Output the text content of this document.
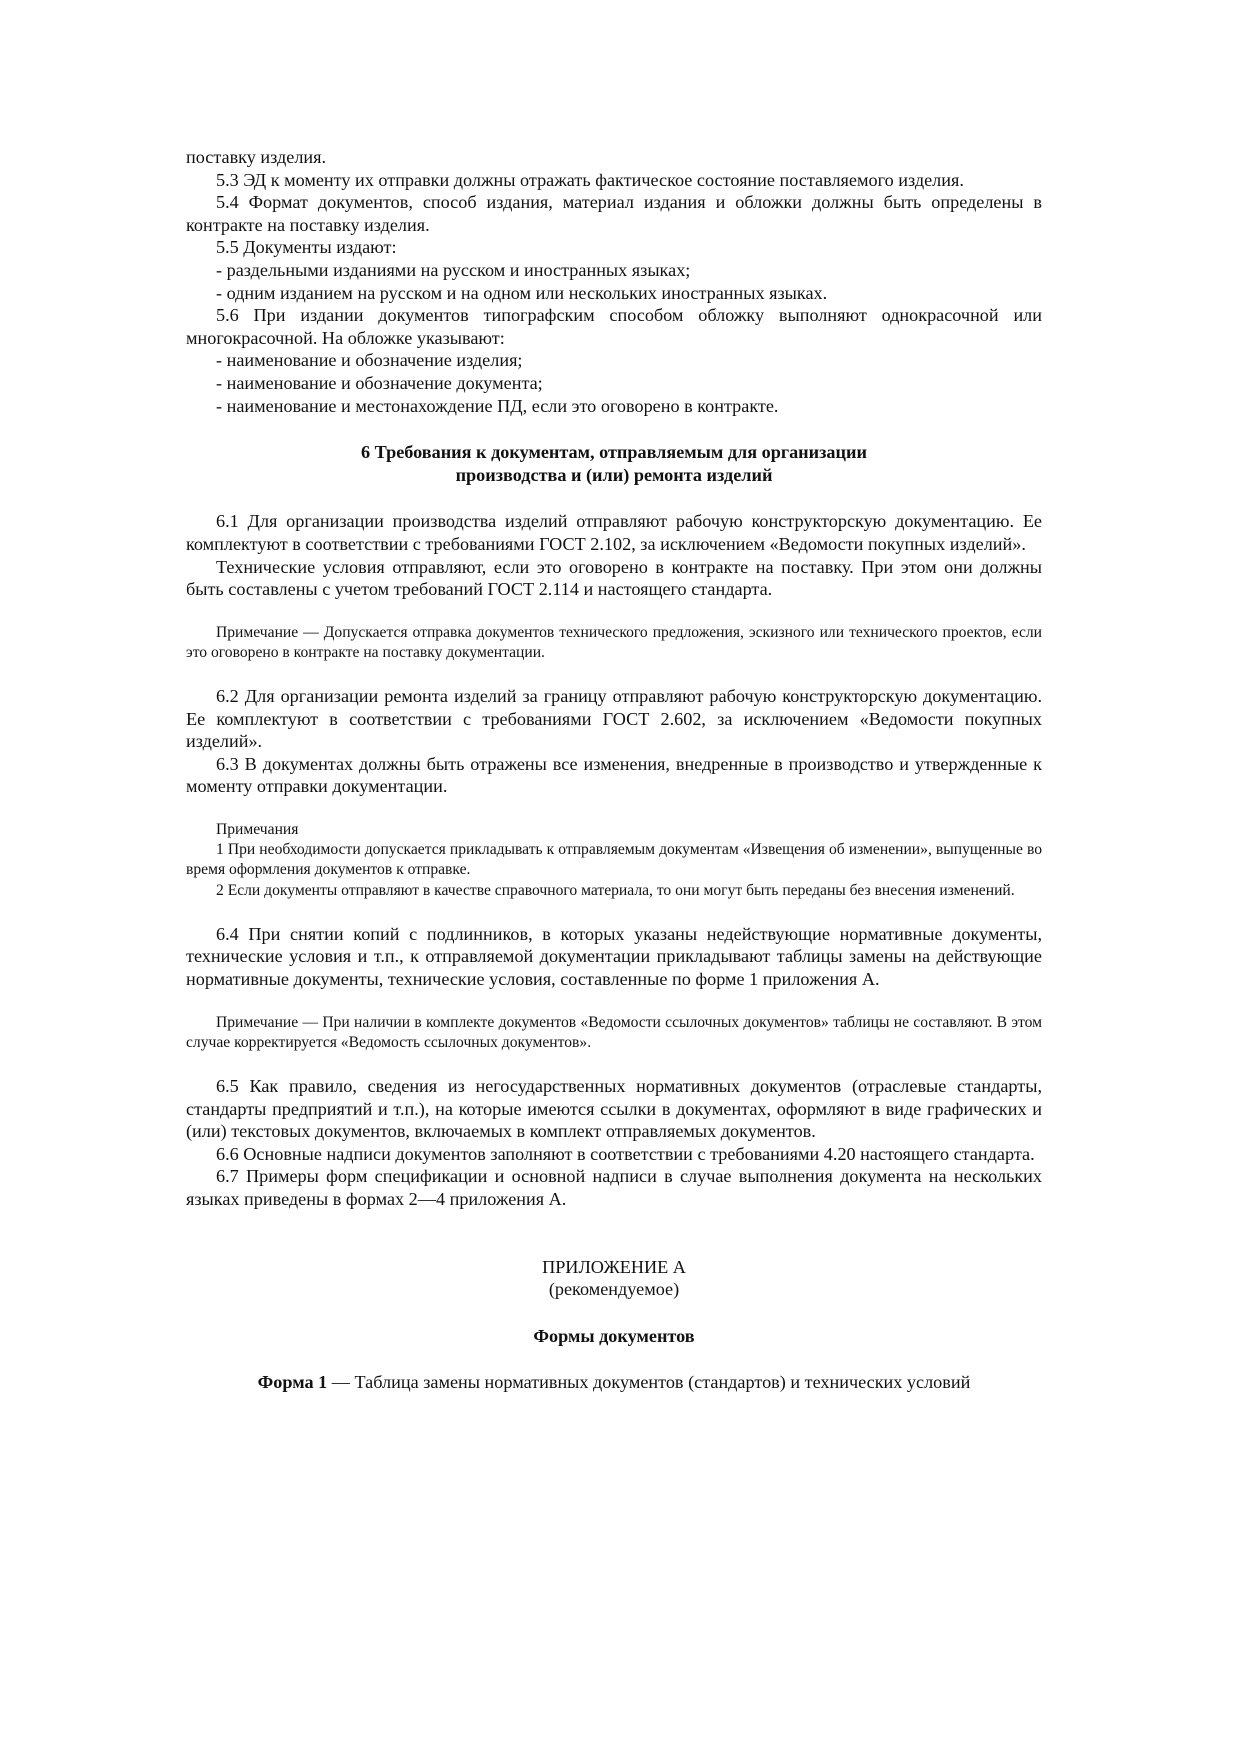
поставку изделия.

5.3 ЭД к моменту их отправки должны отражать фактическое состояние поставляемого изделия.

5.4 Формат документов, способ издания, материал издания и обложки должны быть определены в контракте на поставку изделия.

5.5 Документы издают:

- раздельными изданиями на русском и иностранных языках;

- одним изданием на русском и на одном или нескольких иностранных языках.

5.6 При издании документов типографским способом обложку выполняют однокрасочной или многокрасочной. На обложке указывают:

- наименование и обозначение изделия;

- наименование и обозначение документа;

- наименование и местонахождение ПД, если это оговорено в контракте.

6 Требования к документам, отправляемым для организации

производства и (или) ремонта изделий

6.1 Для организации производства изделий отправляют рабочую конструкторскую документацию. Ее комплектуют в соответствии с требованиями ГОСТ 2.102, за исключением «Ведомости покупных изделий».

Технические условия отправляют, если это оговорено в контракте на поставку. При этом они должны быть составлены с учетом требований ГОСТ 2.114 и настоящего стандарта.

Примечание — Допускается отправка документов технического предложения, эскизного или технического проектов, если это оговорено в контракте на поставку документации.

6.2 Для организации ремонта изделий за границу отправляют рабочую конструкторскую документацию. Ее комплектуют в соответствии с требованиями ГОСТ 2.602, за исключением «Ведомости покупных изделий».

6.3 В документах должны быть отражены все изменения, внедренные в производство и утвержденные к моменту отправки документации.

Примечания

1 При необходимости допускается прикладывать к отправляемым документам «Извещения об изменении», выпущенные во время оформления документов к отправке.

2 Если документы отправляют в качестве справочного материала, то они могут быть переданы без внесения изменений.

6.4 При снятии копий с подлинников, в которых указаны недействующие нормативные документы, технические условия и т.п., к отправляемой документации прикладывают таблицы замены на действующие нормативные документы, технические условия, составленные по форме 1 приложения А.

Примечание — При наличии в комплекте документов «Ведомости ссылочных документов» таблицы не составляют. В этом случае корректируется «Ведомость ссылочных документов».

6.5 Как правило, сведения из негосударственных нормативных документов (отраслевые стандарты, стандарты предприятий и т.п.), на которые имеются ссылки в документах, оформляют в виде графических и (или) текстовых документов, включаемых в комплект отправляемых документов.

6.6 Основные надписи документов заполняют в соответствии с требованиями 4.20 настоящего стандарта.

6.7 Примеры форм спецификации и основной надписи в случае выполнения документа на нескольких языках приведены в формах 2—4 приложения А.

ПРИЛОЖЕНИЕ А

(рекомендуемое)

Формы документов

Форма 1 — Таблица замены нормативных документов (стандартов) и технических условий
